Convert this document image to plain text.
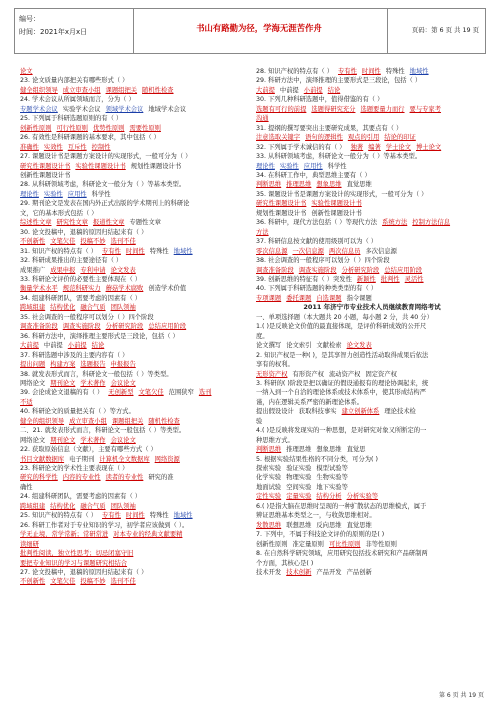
编号：
时间：2021年x月x日	书山有路勤为径，学海无涯苦作舟	页码：第 6 页 共 19 页
论文
23. 论文质量内部把关有哪些形式（ ）
健全组织领导 成立审查小组 课题组把关 随机性检查
24. 学术会议从所属领域而言，分为（ ）
专题学术会议 实验学术会议 领域学术会议 地域学术会议
25. 下列属于科研选题原则的有（ ）
创新性原则 可行性原则 优势性原则 需要性原则
26. 有效性是科研课题的基本要求，其中包括（ ）
准确性 实效性 互斥性 控制性
27. 课题设计书是课题方案设计的实现形式，一般可分为（ ）
研究性课题设计书 实验性课题设计书 规划性课题设计书
创新性课题设计书
28. 从科研领域考虑，科研论文一般分为（ ）等基本类型。
理论性 实验性 应用性 科学性
29. 期刊论文是发表在国内外正式出版的学术期刊上的科研论
文，它的基本形式包括（ ）
综述性文章 研究性文章 报道性文章 专题性文章
30. 论文投稿中，退稿的原因归结起来有（ ）
不创新性 文笔欠佳 投稿不妙 选刊不佳
31. 知识产权的特点有（ ） 专有性 时间性 特殊性 地域性
32. 科研成果推出的主要途径有（ ）
成果推广 成果申报 专利申请 论文发表
33. 科研论文评价的必要性主要体现在（ ）
衡量学术水平 规范科研实力 蘑菇学术腐败 创造学术价值
34. 组建科研团队，需要考虑的因素有（ ）
跨域组建 结构优化 融合气质 团队领袖
35. 社会调查的一般程序可以划分（ ）四个阶段
调查准备阶段 调查实施阶段 分析研究阶段 总结应用阶段
36. 科研方法中，演绎推理主要形式是三段论，包括（ ）
大前提 中前提 小前提 结论
37. 科研选题中涉及的主要内容有（ ）
提出问题 构建方案 选题报告 申报报告
38. 就发表形式而言，科研论文一般包括（ ）等类型。
网络论文 期刊论文 学术著作 会议论文
39. 会论成论文退稿的有（ ） 无创新型 文笔欠佳 范围狭窄 选刊
不适
40. 科研论文的质量把关有（ ）等方式。
健全的组织领导 成立审查小组 课题组把关 随机性检查
二、21. 就发表形式而言，科研论文一般包括（ ）等类型。
网络论文 期刊论文 学术著作 会议论文
22. 获取原始信息（文献），主要有哪些方式（ ）
书目文献数据库 电子期刊 计算机全文数据库 网络资源
23. 科研论文的学术性主要表现在（ ）
研究的科学性 内容的专业性 读者的专业性 研究的准
确性
24. 组建科研团队，需要考虑的因素有（ ）
跨域组建 结构优化 融合气质 团队领袖
25. 知识产权的特点有（ ） 专有性 时间性 特殊性 地域性
26. 科研工作者对于专业知识的学习，初学者应该做到（ ）。
学无止境，常学常新；常研常进 对本专业的经典文献要精
读细研
批判性阅读，独立性思考；切忌闭塞守旧
要把专业知识的学习与课题研究相结合
27. 论文投稿中，退稿的原因归结起来有（ ）
不创新性 文笔欠佳 投稿不妙 选刊不佳
28. 知识产权的特点有（ ） 专有性 时间性 特殊性 地域性
29. 科研方法中，演绎推理的主要形式是三段论，包括（ ）
大前提 中前提 小前提 结论
30. 下列几种科研选题中，值得借鉴的有（ ）
选题有可行的前提 选题得研究充分 选题要量力而行 要与专家考
沟通
31. 提纲的撰写要突出主要研究成果，其要点有（ ）
注意选取关键字 语句的逻辑性 观点的引用 结论的印证
32. 下列属于学术诚信的有（ ） 独著 编著 学士论文 博士论文
33. 从科研领域考虑，科研论文一般分为（ ）等基本类型。
理论性 实验性 应用性 科学性
34. 在科研工作中，典型思维主要有（ ）
判断思维 推理思维 想象思维 直觉思维
35. 课题设计书是课题方案设计的实现形式，一般可分为（ ）
研究性课题设计书 实验性课题设计书
规划性课题设计书 创新性课题设计书
36. 科研中，现代方法包括（ ）等现代方法 系统方法 控制方法信息
方法
37. 科研信息按文献的使用级别可以为（ ）
零次信息源 一次信息源 两次信息员 多次信息源
38. 社会调查的一般程序可以划分（ ）四个阶段
调查准备阶段 调查实施阶段 分析研究阶段 总结应用阶段
39. 创新思维的特征有（ ）突发性 新颖性 批判性 灵活性
40. 下列属于科研选题的种类类型的有（ ）
专项课题 委托课题 自选课题 指令课题
2011 年济宁市专业技术人员继续教育网络考试
一、单项选择题（本大题共 20 小题，每小题 2 分，共 40 分）
1.( )是反映论文价值的最直接体现，是评价科研成效的公开尺
度。
论文撰写 论文索引 文献检索 论文发表
2. 知识产权是一种( )，是其享智力创造性活动取得成果后依法
享有的权利。
无形资产权 有形资产权 流动资产权 固定资产权
3. 科研的( )阶段是把以确证的假设通报有的理论协调起来，统
一纳入到一个自洽的理论体系或技术体系中，使其形成结构严
谨，内在逻辑关系严密的新理论体系。
提出假设设计 获取科技事实 建立创新体系 理论技术检
验
4.( )是反映将发现实的一种思想，是对研究对象又所断定的一
种思维方式。
判断思维 推理思维 想象思维 直觉思
5. 根据实验结果性格的不同分类，可分为( )
探索实验 验证实验 模型试验等
化学实验 物理实验 生物实验等
地面试验 空间实验 地下实验等
定性实验 定量实验 结构分析 分析实验等
6.( )是指大脑在思维时呈现的一种扩散状态的思维模式，属于
辨证思维基本类型之一，与收敛思维相对。
发散思维 联想思维 反向思维 直觉思维
7. 下列中，不属于科技论文评价的原则的是( )
创新性原则 准定量原则 可比性原则 非等性原则
8. 在自然科学研究领域，应用研究包括技术研究和产品研制两
个方面，其核心是( )
技术开发 技术创新 产品开发 产品创新
第 6 页 共 19 页
